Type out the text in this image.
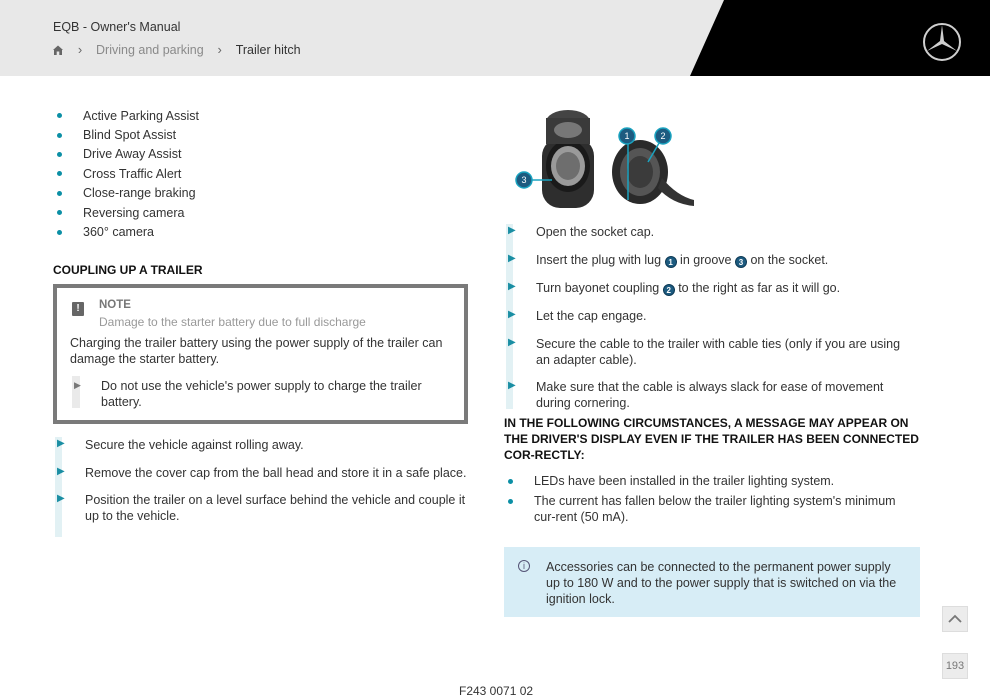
EQB - Owner's Manual
›	Driving and parking ›	Trailer hitch
Active Parking Assist
Blind Spot Assist
Drive Away Assist
Cross Traffic Alert
Close-range braking
Reversing camera
360° camera
COUPLING UP A TRAILER
!	NOTE
Damage to the starter battery due to full discharge
Charging the trailer battery using the power supply of the trailer can damage the starter battery.
▶ Do not use the vehicle's power supply to charge the trailer battery.
▶	Secure the vehicle against rolling away.
▶	Remove the cover cap from the ball head and store it in a safe place.
▶	Position the trailer on a level surface behind the vehicle and couple it up to the vehicle.
1	2
3
▶	Open the socket cap.
▶	Insert the plug with lug 1 in groove 3 on the socket.
▶	Turn bayonet coupling 2 to the right as far as it will go.
▶	Let the cap engage.
▶	Secure the cable to the trailer with cable ties (only if you are using an adapter cable).
▶	Make sure that the cable is always slack for ease of movement during cornering.
IN THE FOLLOWING CIRCUMSTANCES, A MESSAGE MAY APPEAR ON THE DRIVER'S DISPLAY EVEN IF THE TRAILER HAS BEEN CONNECTED COR-RECTLY:
LEDs have been installed in the trailer lighting system.
The current has fallen below the trailer lighting system's minimum cur-rent (50 mA).
i	Accessories can be connected to the permanent power supply up to 180 W and to the power supply that is switched on via the ignition lock.
F243 0071 02
193
